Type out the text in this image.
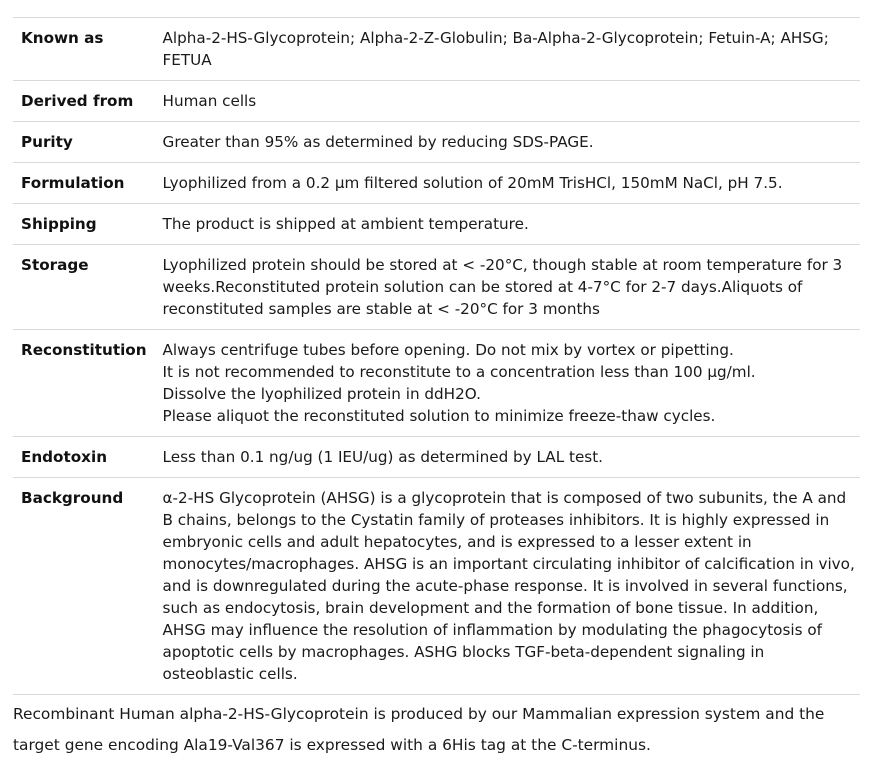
Known as	Alpha-2-HS-Glycoprotein; Alpha-2-Z-Globulin; Ba-Alpha-2-Glycoprotein; Fetuin-A; AHSG; FETUA

Derived from	Human cells

Purity	Greater than 95% as determined by reducing SDS-PAGE.

Formulation	Lyophilized from a 0.2 μm filtered solution of 20mM TrisHCl, 150mM NaCl, pH 7.5.

Shipping	The product is shipped at ambient temperature.

Storage	Lyophilized protein should be stored at < -20°C, though stable at room temperature for 3 weeks.Reconstituted protein solution can be stored at 4-7°C for 2-7 days.Aliquots of reconstituted samples are stable at < -20°C for 3 months

Reconstitution	Always centrifuge tubes before opening. Do not mix by vortex or pipetting.
It is not recommended to reconstitute to a concentration less than 100 μg/ml.
Dissolve the lyophilized protein in ddH2O.
Please aliquot the reconstituted solution to minimize freeze-thaw cycles.

Endotoxin	Less than 0.1 ng/ug (1 IEU/ug) as determined by LAL test.

Background	α-2-HS Glycoprotein (AHSG) is a glycoprotein that is composed of two subunits, the A and B chains, belongs to the Cystatin family of proteases inhibitors. It is highly expressed in embryonic cells and adult hepatocytes, and is expressed to a lesser extent in monocytes/macrophages. AHSG is an important circulating inhibitor of calcification in vivo, and is downregulated during the acute-phase response. It is involved in several functions, such as endocytosis, brain development and the formation of bone tissue. In addition, AHSG may influence the resolution of inflammation by modulating the phagocytosis of apoptotic cells by macrophages. ASHG blocks TGF-beta-dependent signaling in osteoblastic cells.
Recombinant Human alpha-2-HS-Glycoprotein is produced by our Mammalian expression system and the target gene encoding Ala19-Val367 is expressed with a 6His tag at the C-terminus.
